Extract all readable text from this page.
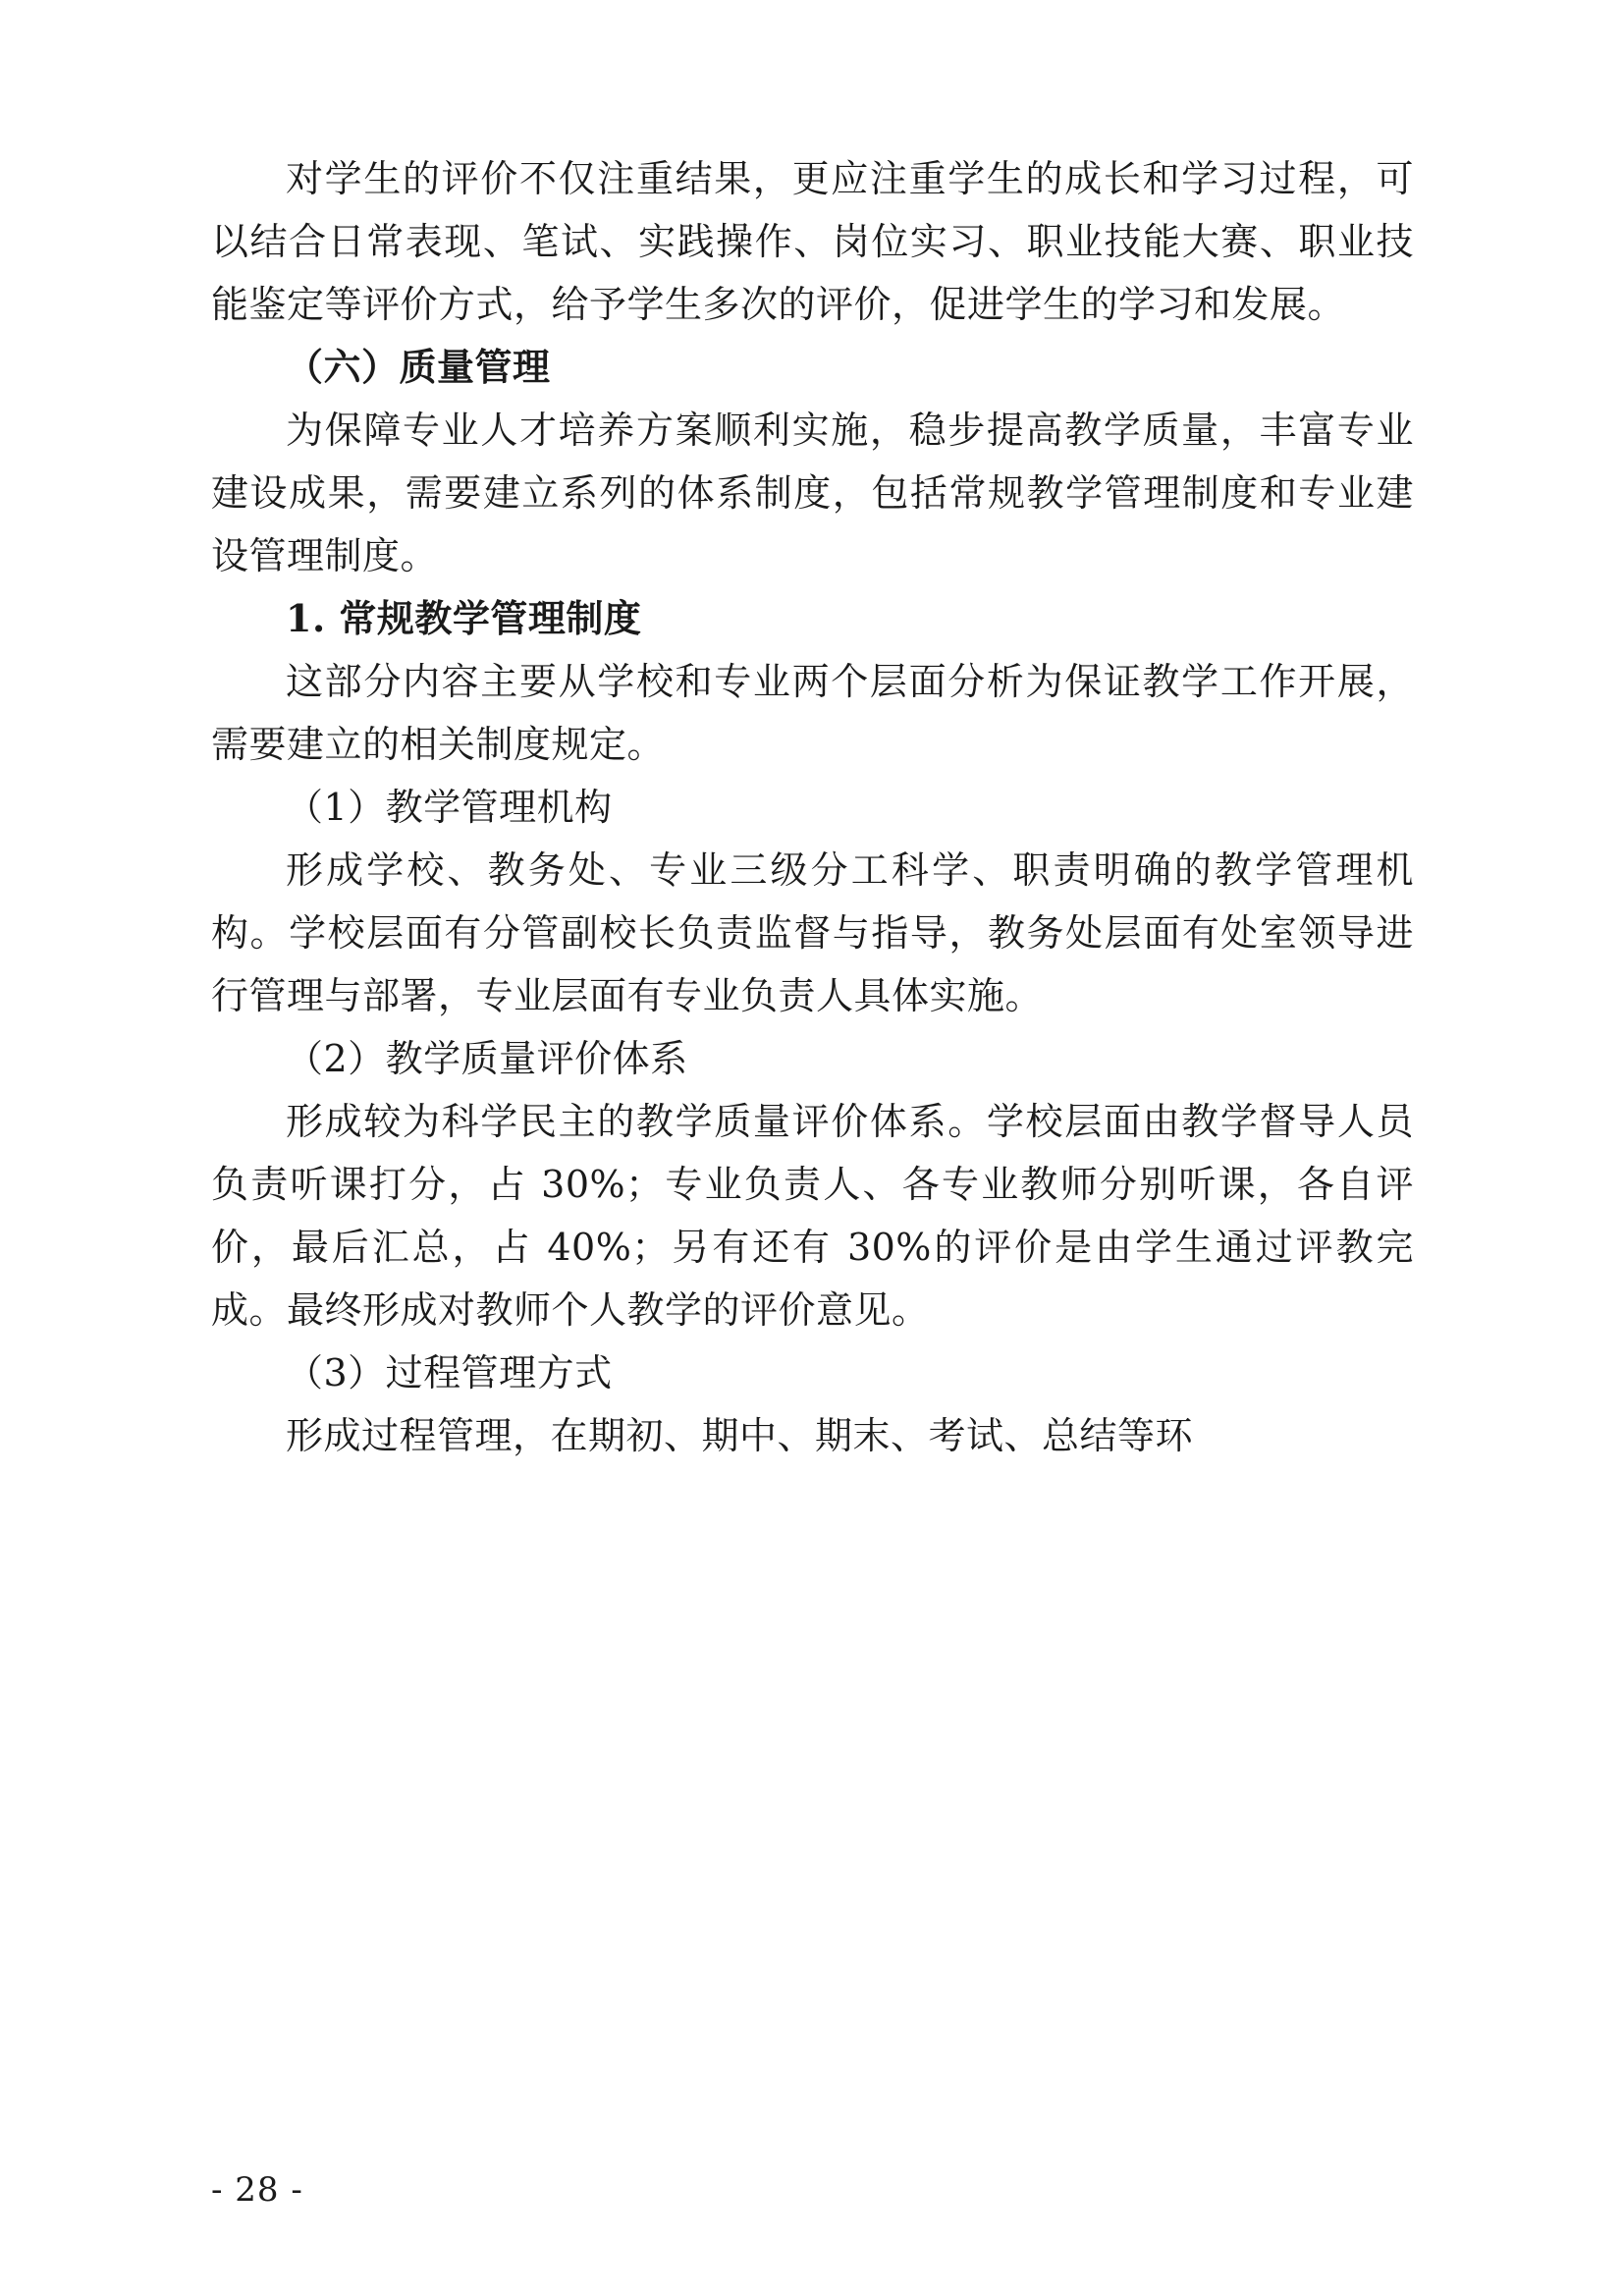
对学生的评价不仅注重结果，更应注重学生的成长和学习过程，可以结合日常表现、笔试、实践操作、岗位实习、职业技能大赛、职业技能鉴定等评价方式，给予学生多次的评价，促进学生的学习和发展。

（六）质量管理

为保障专业人才培养方案顺利实施，稳步提高教学质量，丰富专业建设成果，需要建立系列的体系制度，包括常规教学管理制度和专业建设管理制度。

1. 常规教学管理制度

这部分内容主要从学校和专业两个层面分析为保证教学工作开展，需要建立的相关制度规定。

（1）教学管理机构

形成学校、教务处、专业三级分工科学、职责明确的教学管理机构。学校层面有分管副校长负责监督与指导，教务处层面有处室领导进行管理与部署，专业层面有专业负责人具体实施。

（2）教学质量评价体系

形成较为科学民主的教学质量评价体系。学校层面由教学督导人员负责听课打分，占 30%；专业负责人、各专业教师分别听课，各自评价，最后汇总，占 40%；另有还有 30%的评价是由学生通过评教完成。最终形成对教师个人教学的评价意见。

（3）过程管理方式

形成过程管理，在期初、期中、期末、考试、总结等环

- 28 -
